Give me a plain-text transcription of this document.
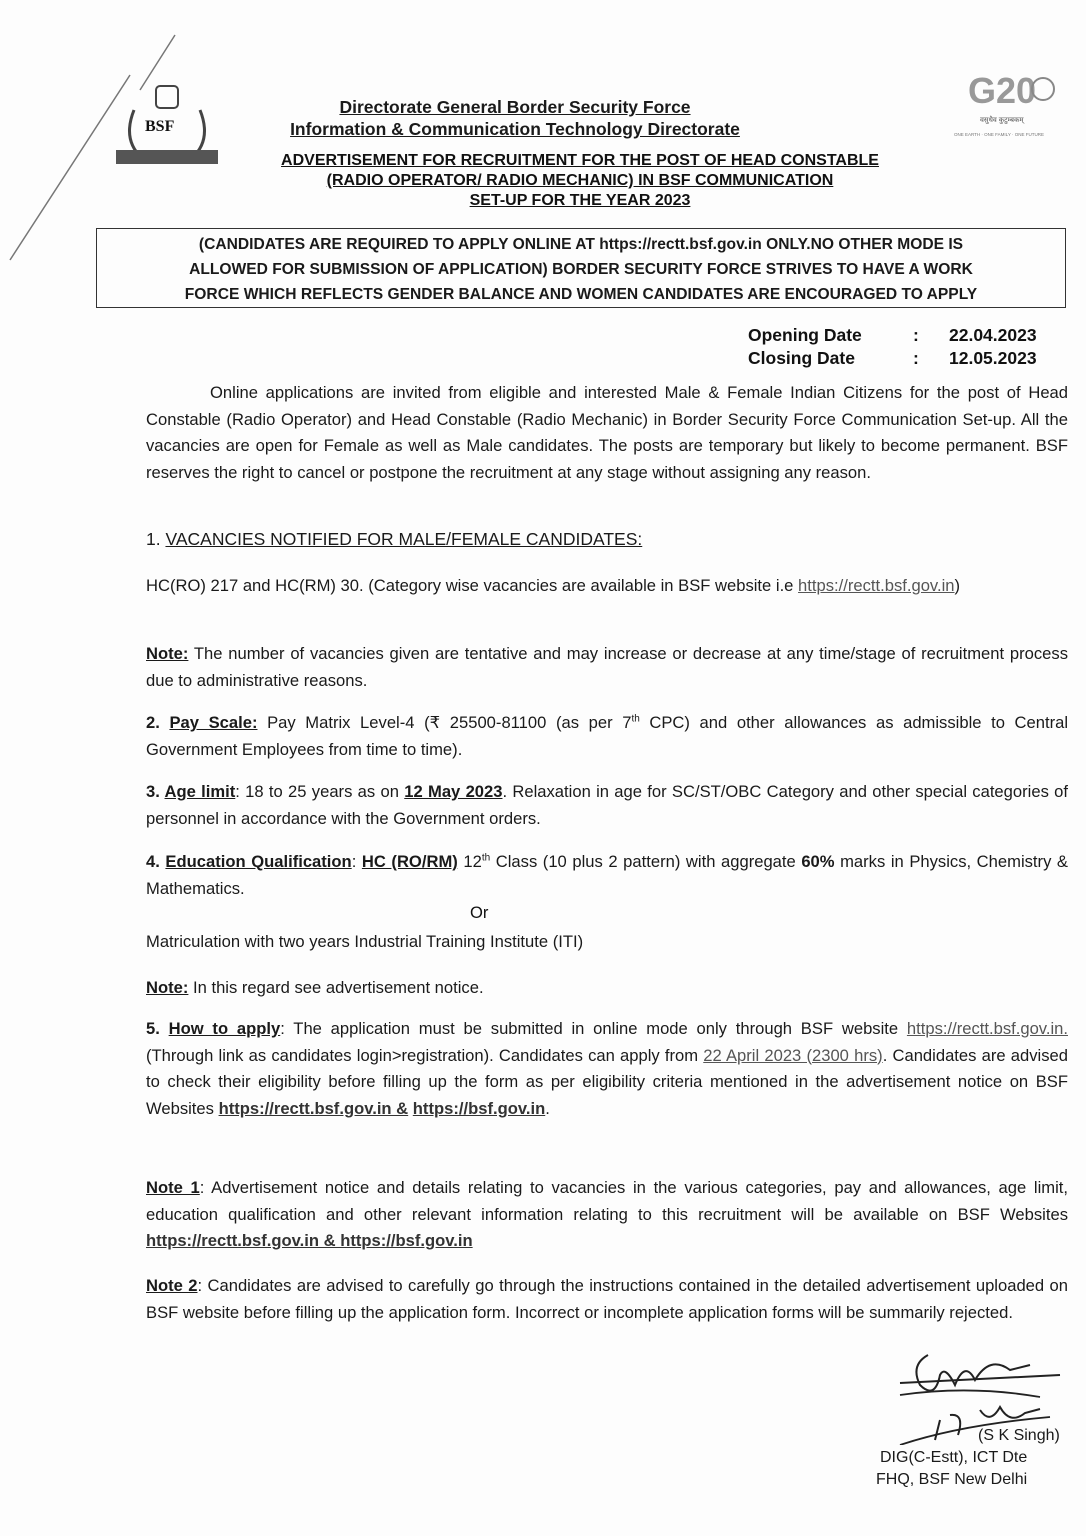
BSF
G20
वसुधैव कुटुम्बकम्
ONE EARTH · ONE FAMILY · ONE FUTURE
Directorate General Border Security Force
Information & Communication Technology Directorate
ADVERTISEMENT FOR RECRUITMENT FOR THE POST OF HEAD CONSTABLE
(RADIO OPERATOR/ RADIO MECHANIC) IN BSF COMMUNICATION
SET-UP FOR THE YEAR 2023
(CANDIDATES ARE REQUIRED TO APPLY ONLINE AT https://rectt.bsf.gov.in ONLY.NO OTHER MODE IS
ALLOWED FOR SUBMISSION OF APPLICATION) BORDER SECURITY FORCE STRIVES TO HAVE A WORK
FORCE WHICH REFLECTS GENDER BALANCE AND WOMEN CANDIDATES ARE ENCOURAGED TO APPLY
Opening Date	:	22.04.2023
Closing Date	:	12.05.2023

Online applications are invited from eligible and interested Male & Female Indian Citizens for the post of Head Constable (Radio Operator) and Head Constable (Radio Mechanic) in Border Security Force Communication Set-up. All the vacancies are open for Female as well as Male candidates. The posts are temporary but likely to become permanent. BSF reserves the right to cancel or postpone the recruitment at any stage without assigning any reason.

1. VACANCIES NOTIFIED FOR MALE/FEMALE CANDIDATES:

HC(RO) 217 and HC(RM) 30. (Category wise vacancies are available in BSF website i.e https://rectt.bsf.gov.in)

Note: The number of vacancies given are tentative and may increase or decrease at any time/stage of recruitment process due to administrative reasons.

2. Pay Scale: Pay Matrix Level-4 (₹ 25500-81100 (as per 7th CPC) and other allowances as admissible to Central Government Employees from time to time).

3. Age limit: 18 to 25 years as on 12 May 2023. Relaxation in age for SC/ST/OBC Category and other special categories of personnel in accordance with the Government orders.

4. Education Qualification: HC (RO/RM) 12th Class (10 plus 2 pattern) with aggregate 60% marks in Physics, Chemistry & Mathematics.

Or

Matriculation with two years Industrial Training Institute (ITI)

Note: In this regard see advertisement notice.

5. How to apply: The application must be submitted in online mode only through BSF website https://rectt.bsf.gov.in. (Through link as candidates login>registration). Candidates can apply from 22 April 2023 (2300 hrs). Candidates are advised to check their eligibility before filling up the form as per eligibility criteria mentioned in the advertisement notice on BSF Websites https://rectt.bsf.gov.in & https://bsf.gov.in.

Note 1: Advertisement notice and details relating to vacancies in the various categories, pay and allowances, age limit, education qualification and other relevant information relating to this recruitment will be available on BSF Websites https://rectt.bsf.gov.in & https://bsf.gov.in

Note 2: Candidates are advised to carefully go through the instructions contained in the detailed advertisement uploaded on BSF website before filling up the application form. Incorrect or incomplete application forms will be summarily rejected.

(S K Singh)
DIG(C-Estt), ICT Dte
FHQ, BSF New Delhi
